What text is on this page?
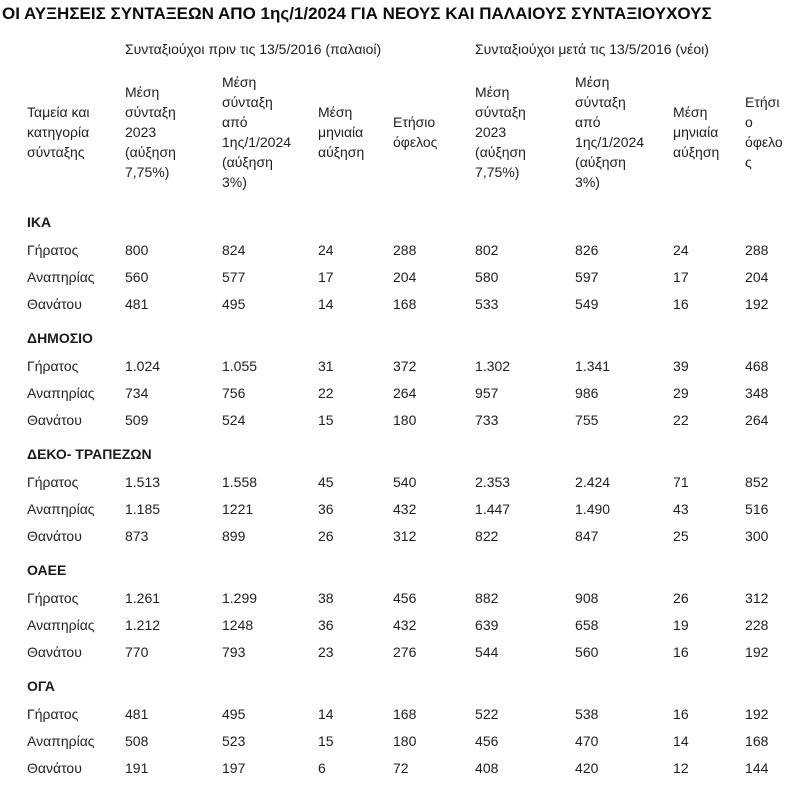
ΟΙ ΑΥΞΗΣΕΙΣ ΣΥΝΤΑΞΕΩΝ ΑΠΟ 1ης/1/2024 ΓΙΑ ΝΕΟΥΣ ΚΑΙ ΠΑΛΑΙΟΥΣ ΣΥΝΤΑΞΙΟΥΧΟΥΣ
	Συνταξιούχοι πριν τις 13/5/2016 (παλαιοί)				Συνταξιούχοι μετά τις 13/5/2016 (νέοι)			
Ταμεία και κατηγορία σύνταξης	Μέση σύνταξη 2023 (αύξηση 7,75%)	Μέση σύνταξη από 1ης/1/2024 (αύξηση 3%)	Μέση μηνιαία αύξηση	Ετήσιο όφελος	Μέση σύνταξη 2023 (αύξηση 7,75%)	Μέση σύνταξη από 1ης/1/2024 (αύξηση 3%)	Μέση μηνιαία αύξηση	Ετήσιο όφελος
ΙΚΑ								
Γήρατος	800	824	24	288	802	826	24	288
Αναπηρίας	560	577	17	204	580	597	17	204
Θανάτου	481	495	14	168	533	549	16	192
ΔΗΜΟΣΙΟ								
Γήρατος	1.024	1.055	31	372	1.302	1.341	39	468
Αναπηρίας	734	756	22	264	957	986	29	348
Θανάτου	509	524	15	180	733	755	22	264
ΔΕΚΟ- ΤΡΑΠΕΖΩΝ								
Γήρατος	1.513	1.558	45	540	2.353	2.424	71	852
Αναπηρίας	1.185	1221	36	432	1.447	1.490	43	516
Θανάτου	873	899	26	312	822	847	25	300
ΟΑΕΕ								
Γήρατος	1.261	1.299	38	456	882	908	26	312
Αναπηρίας	1.212	1248	36	432	639	658	19	228
Θανάτου	770	793	23	276	544	560	16	192
ΟΓΑ								
Γήρατος	481	495	14	168	522	538	16	192
Αναπηρίας	508	523	15	180	456	470	14	168
Θανάτου	191	197	6	72	408	420	12	144
